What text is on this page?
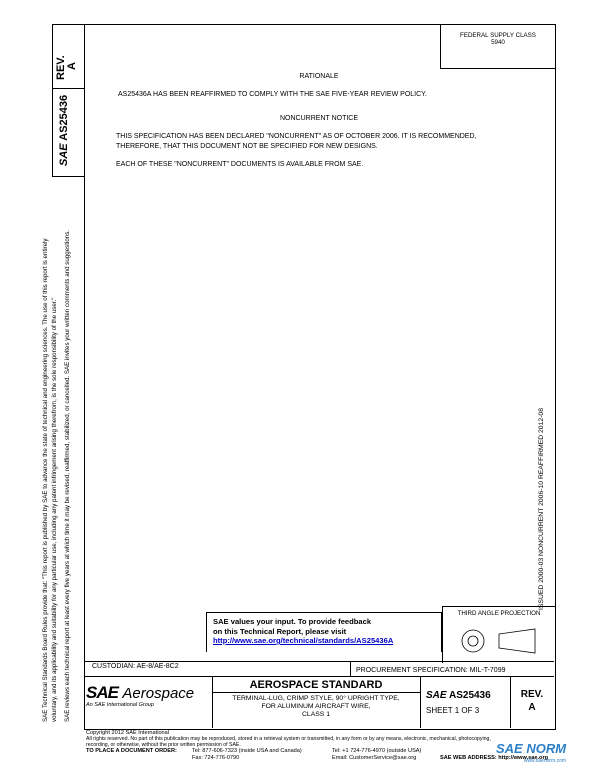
REV.
A
SAE AS25436
SAE Technical Standards Board Rules provide that: "This report is published by SAE to advance the state of technical and engineering sciences. The use of this report is entirely voluntary, and its applicability and suitability for any particular use, including any patent infringement arising therefrom, is the sole responsibility of the user." SAE reviews each technical report at least every five years at which time it may be revised, reaffirmed, stabilized, or cancelled. SAE invites your written comments and suggestions.	ISSUED 2000-03 NONCURRENT 2006-10 REAFFIRMED 2012-08
FEDERAL SUPPLY CLASS
5940
RATIONALE
AS25436A HAS BEEN REAFFIRMED TO COMPLY WITH THE SAE FIVE-YEAR REVIEW POLICY.
NONCURRENT NOTICE
THIS SPECIFICATION HAS BEEN DECLARED "NONCURRENT" AS OF OCTOBER 2006. IT IS RECOMMENDED,
THEREFORE, THAT THIS DOCUMENT NOT BE SPECIFIED FOR NEW DESIGNS.
EACH OF THESE "NONCURRENT" DOCUMENTS IS AVAILABLE FROM SAE.
SAE values your input. To provide feedback
on this Technical Report, please visit
http://www.sae.org/technical/standards/AS25436A
THIRD ANGLE PROJECTION
CUSTODIAN: AE-8/AE-8C2
PROCUREMENT SPECIFICATION: MIL-T-7099
SAE Aerospace
An SAE International Group
AEROSPACE STANDARD
TERMINAL-LUG, CRIMP STYLE, 90° UPRIGHT TYPE,
FOR ALUMINUM AIRCRAFT WIRE,
CLASS 1
SAE AS25436
SHEET 1 OF 3
REV.
A
Copyright 2012 SAE International
All rights reserved. No part of this publication may be reproduced, stored in a retrieval system or transmitted, in any form or by any means, electronic, mechanical, photocopying,
recording, or otherwise, without the prior written permission of SAE.
TO PLACE A DOCUMENT ORDER:	Tel: 877-606-7323 (inside USA and Canada)
Fax: 724-776-0790
Tel: +1 724-776-4970 (outside USA)
Email: CustomerService@sae.org	SAE WEB ADDRESS: http://www.sae.org
SAE NORM
www.saenorm.com
